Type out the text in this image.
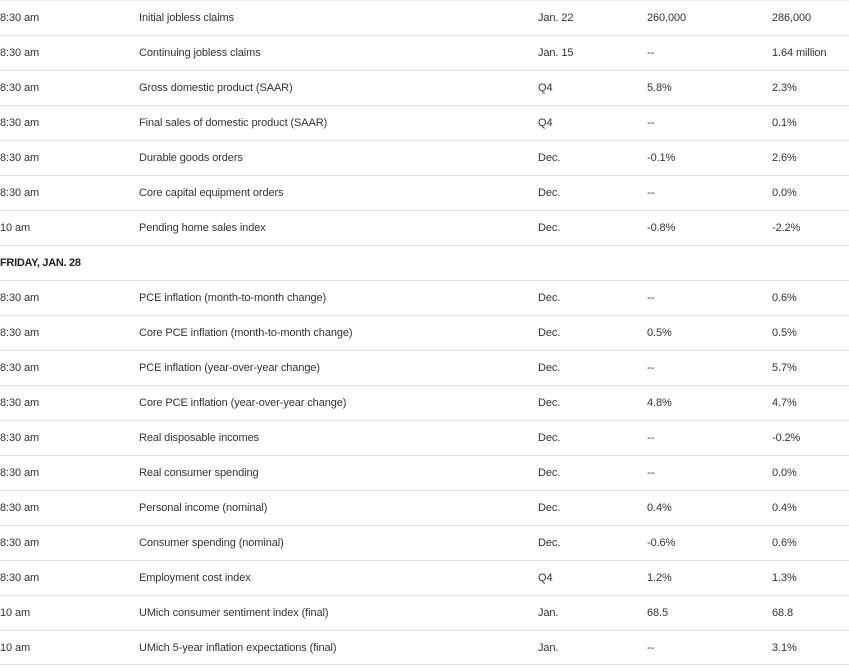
8:30 am	Initial jobless claims	Jan. 22	260,000	286,000
8:30 am	Continuing jobless claims	Jan. 15	--	1.64 million
8:30 am	Gross domestic product (SAAR)	Q4	5.8%	2.3%
8:30 am	Final sales of domestic product (SAAR)	Q4	--	0.1%
8:30 am	Durable goods orders	Dec.	-0.1%	2.6%
8:30 am	Core capital equipment orders	Dec.	--	0.0%
10 am	Pending home sales index	Dec.	-0.8%	-2.2%
FRIDAY, JAN. 28
8:30 am	PCE inflation (month-to-month change)	Dec.	--	0.6%
8:30 am	Core PCE inflation (month-to-month change)	Dec.	0.5%	0.5%
8:30 am	PCE inflation (year-over-year change)	Dec.	--	5.7%
8:30 am	Core PCE inflation (year-over-year change)	Dec.	4.8%	4.7%
8:30 am	Real disposable incomes	Dec.	--	-0.2%
8:30 am	Real consumer spending	Dec.	--	0.0%
8:30 am	Personal income (nominal)	Dec.	0.4%	0.4%
8:30 am	Consumer spending (nominal)	Dec.	-0.6%	0.6%
8:30 am	Employment cost index	Q4	1.2%	1.3%
10 am	UMich consumer sentiment index (final)	Jan.	68.5	68.8
10 am	UMich 5-year inflation expectations (final)	Jan.	--	3.1%
